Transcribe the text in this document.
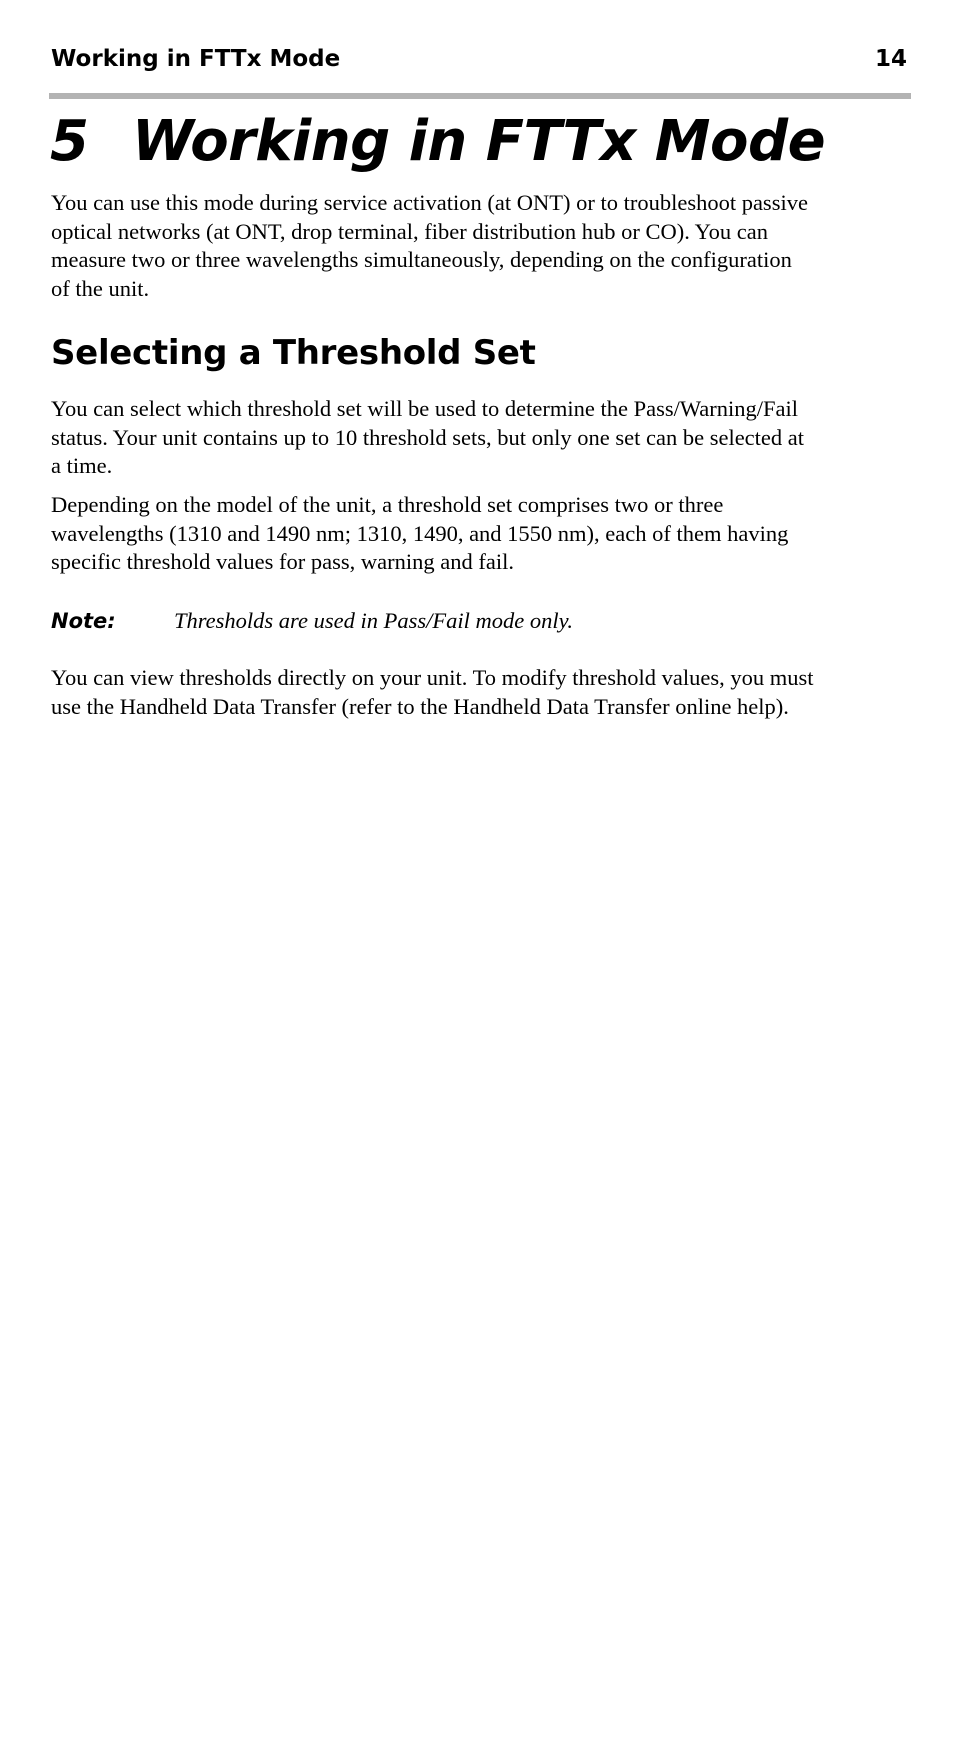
Working in FTTx Mode	14
5 Working in FTTx Mode

You can use this mode during service activation (at ONT) or to troubleshoot passive
optical networks (at ONT, drop terminal, fiber distribution hub or CO). You can
measure two or three wavelengths simultaneously, depending on the configuration
of the unit.

Selecting a Threshold Set

You can select which threshold set will be used to determine the Pass/Warning/Fail
status. Your unit contains up to 10 threshold sets, but only one set can be selected at
a time.

Depending on the model of the unit, a threshold set comprises two or three
wavelengths (1310 and 1490 nm; 1310, 1490, and 1550 nm), each of them having
specific threshold values for pass, warning and fail.

Note:	Thresholds are used in Pass/Fail mode only.

You can view thresholds directly on your unit. To modify threshold values, you must
use the Handheld Data Transfer (refer to the Handheld Data Transfer online help).
